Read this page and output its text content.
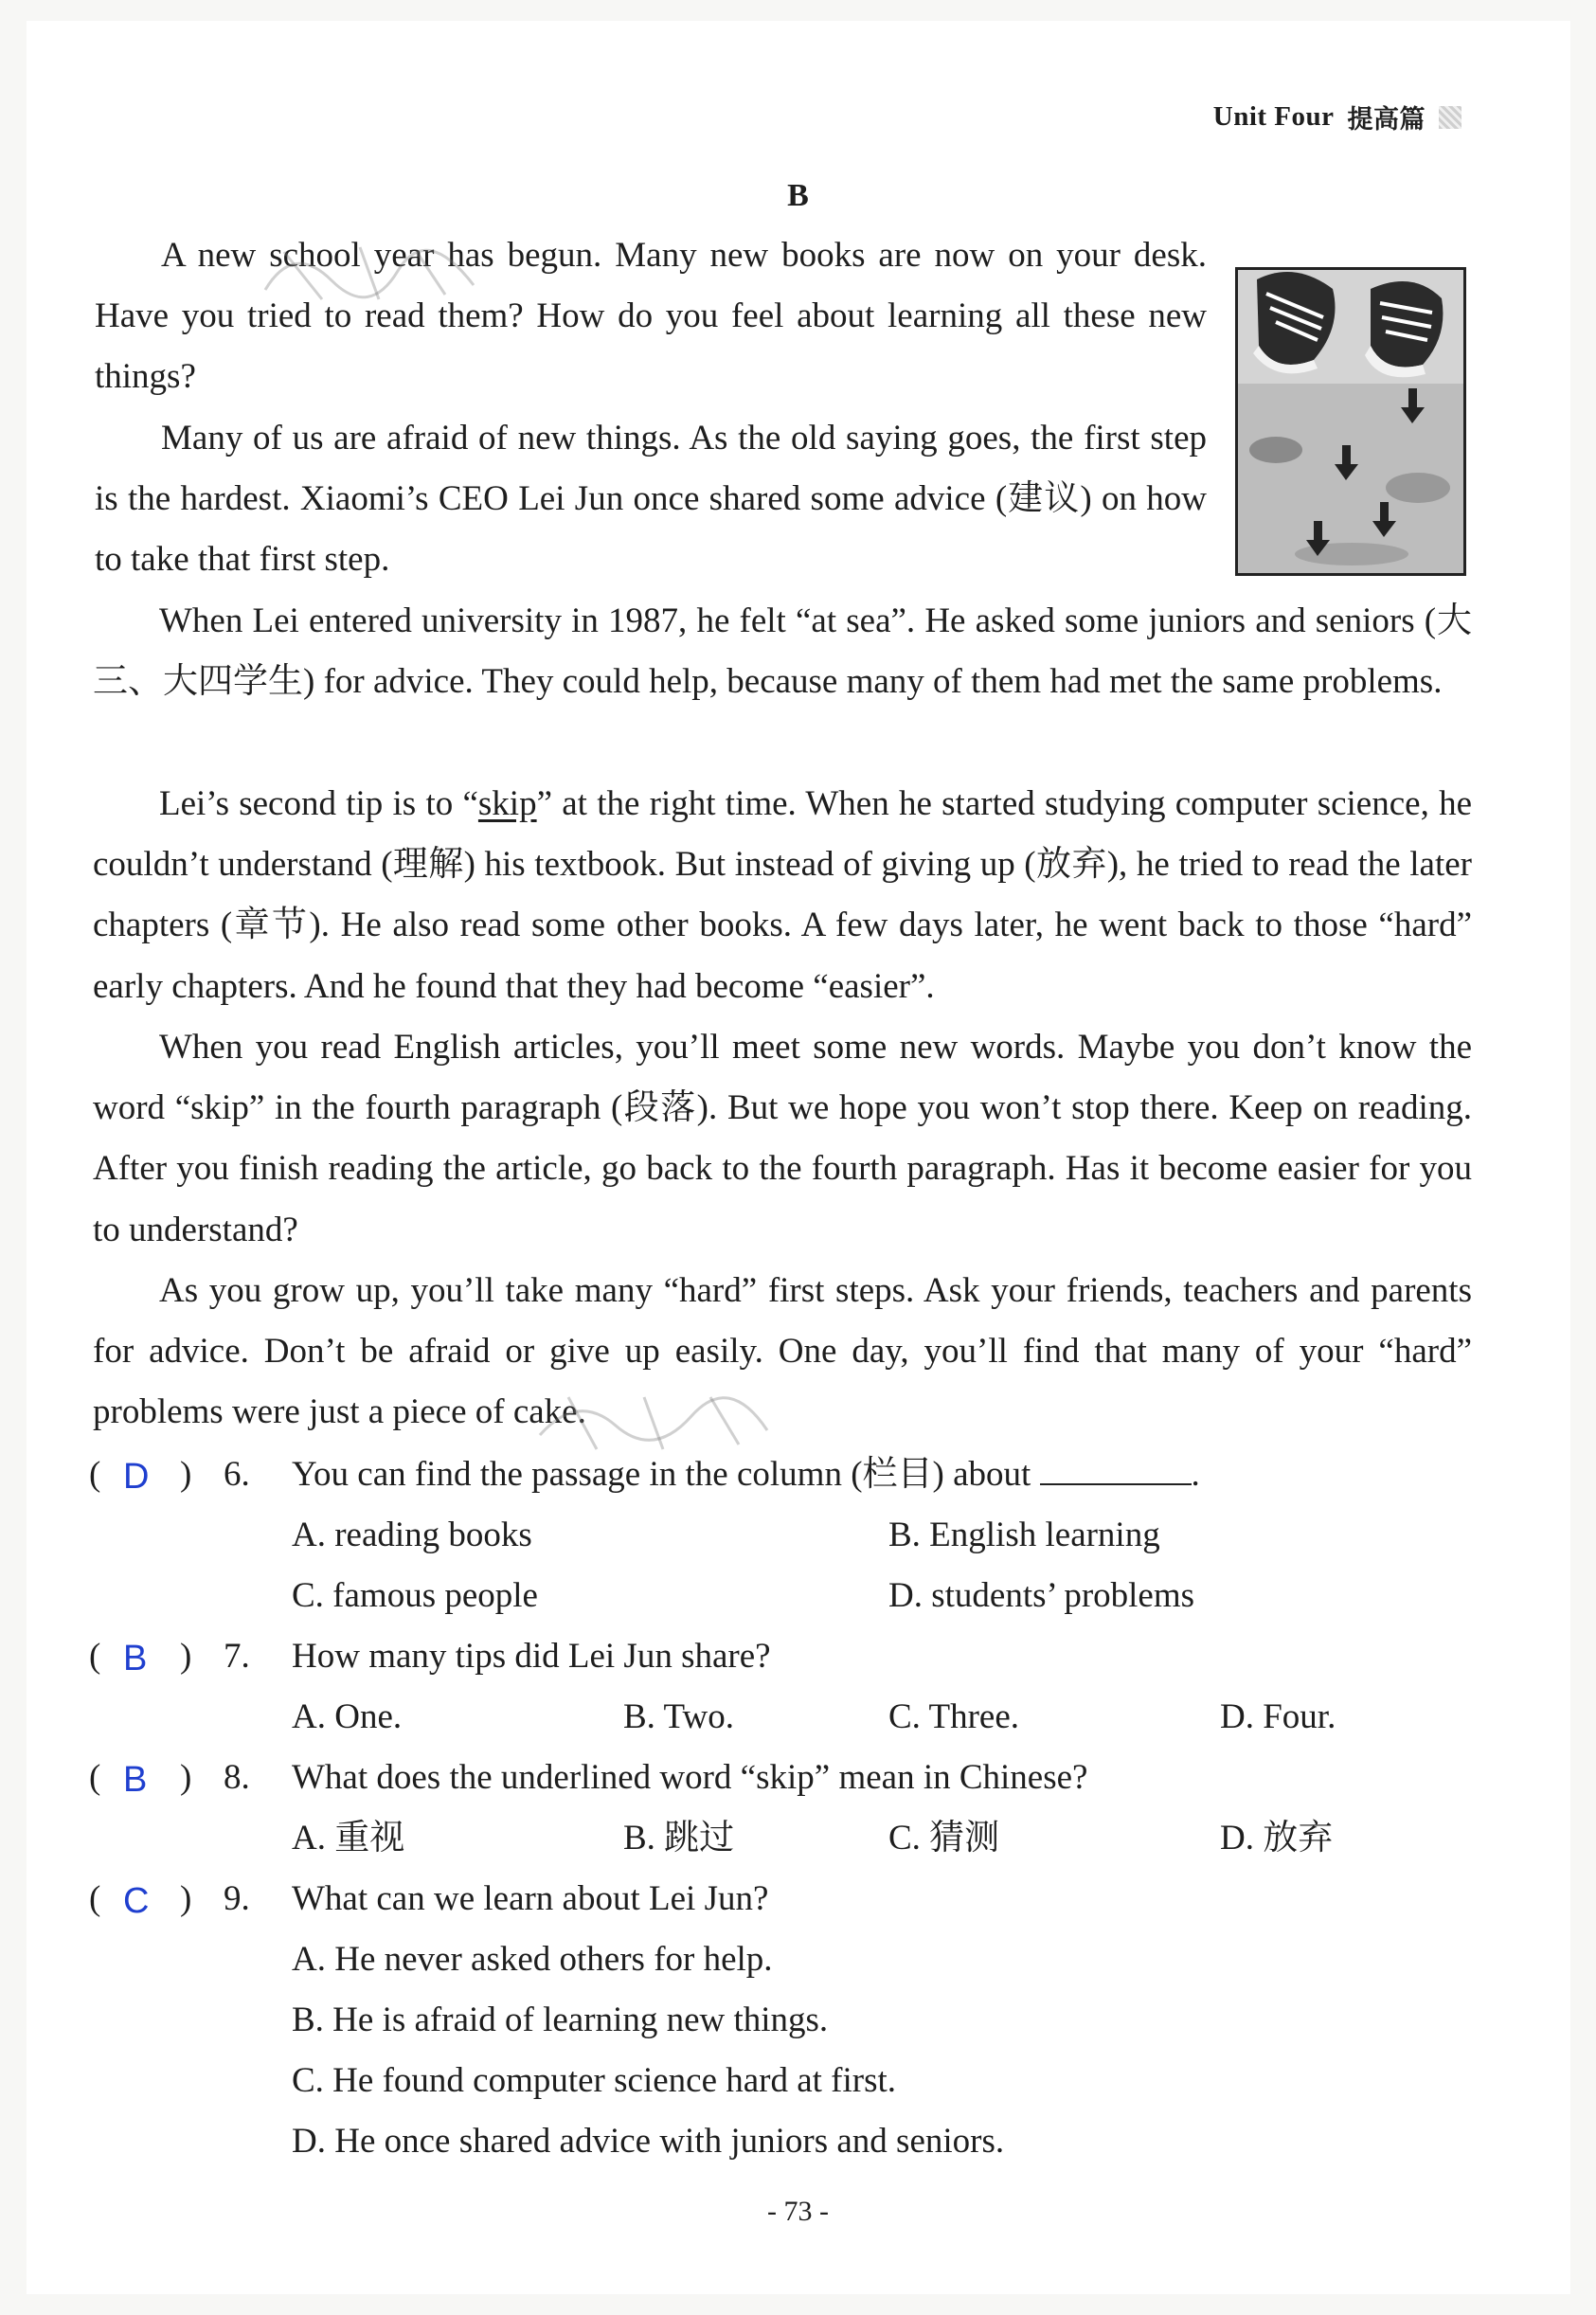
Unit Four 提高篇
B

A new school year has begun. Many new books are now on your desk. Have you tried to read them? How do you feel about learning all these new things?

Many of us are afraid of new things. As the old saying goes, the first step is the hardest. Xiaomi’s CEO Lei Jun once shared some advice (建议) on how to take that first step.

When Lei entered university in 1987, he felt “at sea”. He asked some juniors and seniors (大三、大四学生) for advice. They could help, because many of them had met the same problems.

Lei’s second tip is to “skip” at the right time. When he started studying computer science, he couldn’t understand (理解) his textbook. But instead of giving up (放弃), he tried to read the later chapters (章节). He also read some other books. A few days later, he went back to those “hard” early chapters. And he found that they had become “easier”.

When you read English articles, you’ll meet some new words. Maybe you don’t know the word “skip” in the fourth paragraph (段落). But we hope you won’t stop there. Keep on reading. After you finish reading the article, go back to the fourth paragraph. Has it become easier for you to understand?

As you grow up, you’ll take many “hard” first steps. Ask your friends, teachers and parents for advice. Don’t be afraid or give up easily. One day, you’ll find that many of your “hard” problems were just a piece of cake.

( D ) 6. You can find the passage in the column (栏目) about	.
A. reading books	B. English learning
C. famous people	D. students’ problems
( B ) 7. How many tips did Lei Jun share?
A. One.	B. Two.	C. Three.	D. Four.
( B ) 8. What does the underlined word “skip” mean in Chinese?
A. 重视	B. 跳过	C. 猜测	D. 放弃
( C ) 9. What can we learn about Lei Jun?
A. He never asked others for help.
B. He is afraid of learning new things.
C. He found computer science hard at first.
D. He once shared advice with juniors and seniors.
- 73 -
